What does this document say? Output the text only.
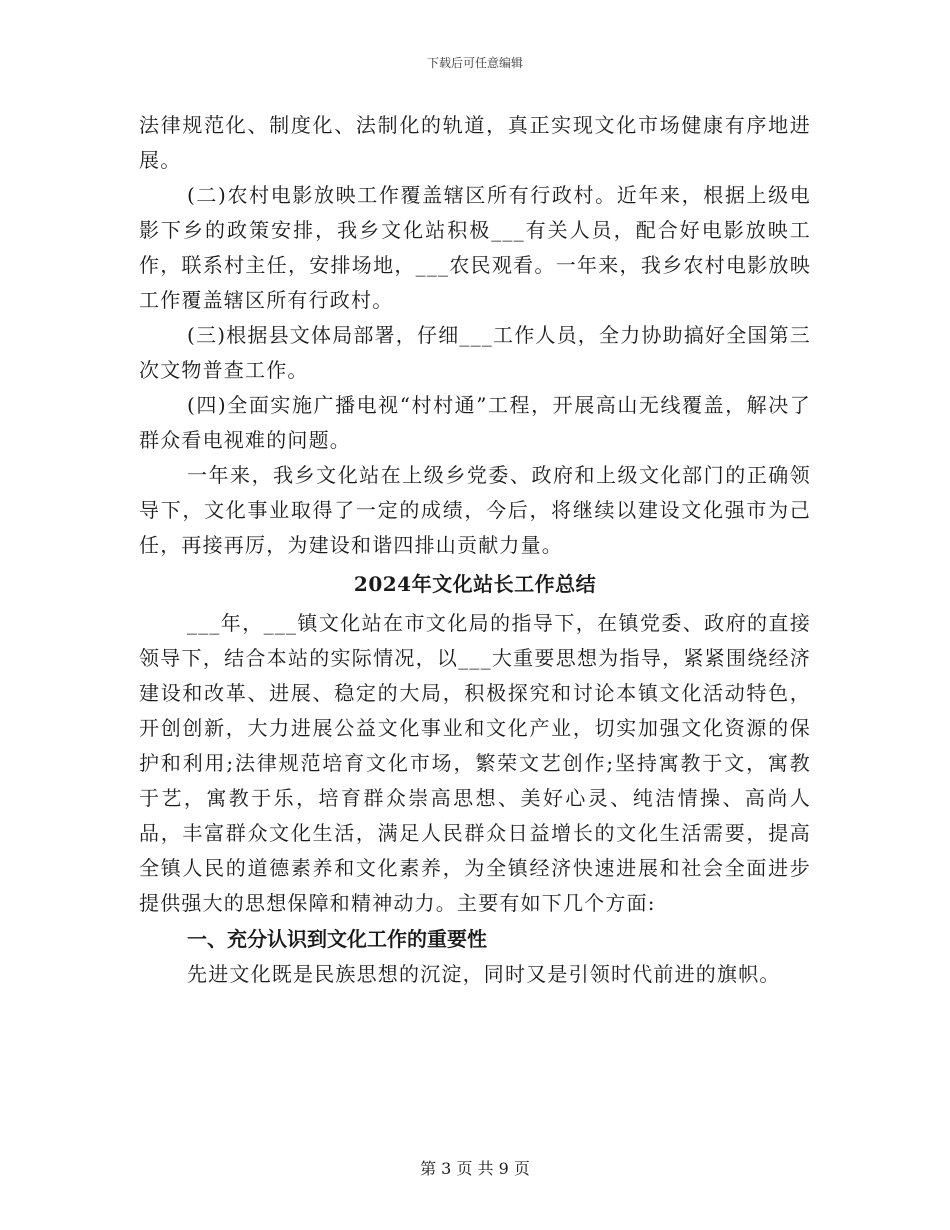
下载后可任意编辑

法律规范化、制度化、法制化的轨道，真正实现文化市场健康有序地进展。

(二)农村电影放映工作覆盖辖区所有行政村。近年来，根据上级电影下乡的政策安排，我乡文化站积极___有关人员，配合好电影放映工作，联系村主任，安排场地，___农民观看。一年来，我乡农村电影放映工作覆盖辖区所有行政村。

(三)根据县文体局部署，仔细___工作人员，全力协助搞好全国第三次文物普查工作。

(四)全面实施广播电视“村村通”工程，开展高山无线覆盖，解决了群众看电视难的问题。

一年来，我乡文化站在上级乡党委、政府和上级文化部门的正确领导下，文化事业取得了一定的成绩，今后，将继续以建设文化强市为己任，再接再厉，为建设和谐四排山贡献力量。

2024年文化站长工作总结

___年，___镇文化站在市文化局的指导下，在镇党委、政府的直接领导下，结合本站的实际情况，以___大重要思想为指导，紧紧围绕经济建设和改革、进展、稳定的大局，积极探究和讨论本镇文化活动特色，开创创新，大力进展公益文化事业和文化产业，切实加强文化资源的保护和利用;法律规范培育文化市场，繁荣文艺创作;坚持寓教于文，寓教于艺，寓教于乐，培育群众崇高思想、美好心灵、纯洁情操、高尚人品，丰富群众文化生活，满足人民群众日益增长的文化生活需要，提高全镇人民的道德素养和文化素养，为全镇经济快速进展和社会全面进步提供强大的思想保障和精神动力。主要有如下几个方面:

一、充分认识到文化工作的重要性

先进文化既是民族思想的沉淀，同时又是引领时代前进的旗帜。

第 3 页 共 9 页
